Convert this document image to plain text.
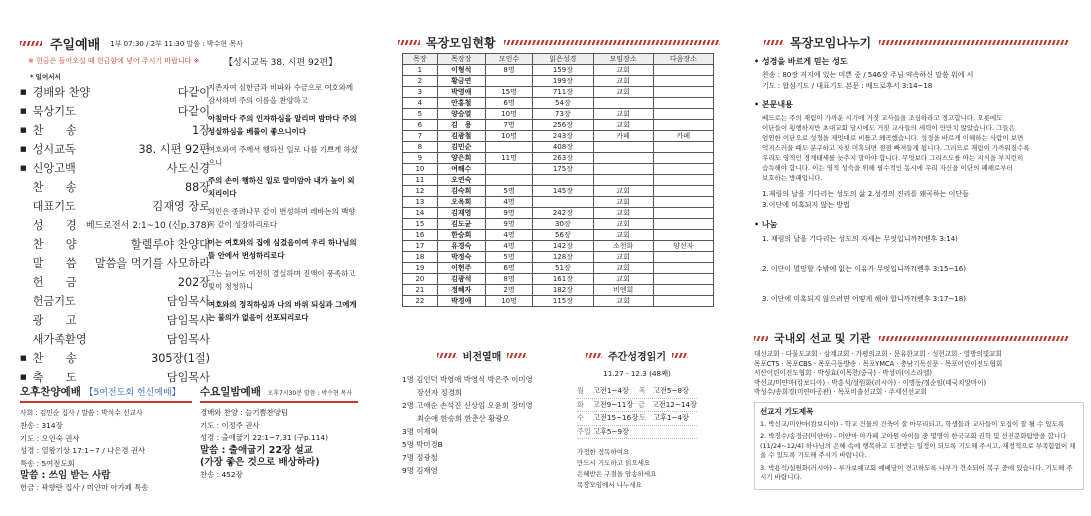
주일예배 1부 07:30 / 2부 11:30 말씀 : 박수현 목사
※ 헌금은 들어오실 때 헌금함에 넣어 주시기 바랍니다 ※	【성시교독 38. 시편 92편】
* 일어서서
■ 경배와 찬양	다같이
■ 묵상기도	다같이
■ 찬　　송	1장
■ 성시교독	38. 시편 92편
■ 신앙고백	사도신경
찬　　송	88장
대표기도	김재영 장로
성　　경 베드로전서 2:1~10 (신p.378)
찬　　양	할렐루야 찬양대
말　　씀 말씀을 먹기를 사모하라
헌　　금	202장
헌금기도	담임목사
광　　고	담임목사
새가족환영	담임목사
■ 찬　　송	305장(1절)
■ 축　　도	담임목사

지존자여 심한금과 비파와 수금으로 여호와께 감사하며 주의 이름을 찬양하고

아침마다 주의 인자하심을 알리며 밤마다 주의 성실하심을 베풀이 좋으니이다

여호와여 주께서 행하신 일로 나를 기쁘게 하셨으니

주의 손이 행하신 일로 말미암아 내가 높이 외치리이다

의인은 종려나무 같이 번성하며 레바논의 백향목 같이 성장하리로다

이는 여호와의 집에 심겼음이여 우리 하나님의 뜰 안에서 번성하리로다

그는 늙어도 여전히 결실하며 진액이 풍족하고 빛이 청청하니

여호와의 정직하심과 나의 바위 되심과 그에게는 불의가 없음이 선포되리로다

오후찬양예배 【5여전도회 헌신예배】
사회 : 김민순 집사 / 말씀 : 박석수 선교사
찬송 : 314장
기도 : 오인숙 권사
성경 : 열왕기상 17:1~7 / 나은경 권사
특송 : 5여전도회
말씀 : 쓰임 받는 사람
헌금 : 곽향란 집사 / 미얀마 아가페 특송
수요일밤예배 오후7시30분 말씀 : 박수현 목사
경배와 찬양 : 늘기쁨찬양팀
기도 : 이정주 권사
성경 : 출애굽기 22:1~7,31 (구p.114)
말씀 : 출애굽기 22장 설교
(가장 좋은 것으로 배상하라)
찬송 : 452장
목장모임현황
목장	목장장	모인수	읽은성경	모임장소	다음장소
1	이형석	8명	159장	교회	
2	황금연		199장	교회	
3	박영애	15명	711장	교회	
4	안홍철	6명	54장		
5	양승열	10명	73장	교회	
6	김　용	7명	256장	교회	
7	김광철	10명	243장	카페	카페
8	김민순		408장		
9	양은희	11명	263장		
10	여해수		175장		
11	오연숙				
12	김숙희	5명	145장	교회	
13	오옥희	4명		교회	
14	김재영	9명	242장	교회	
15	김도균	9명	30장	교회	
16	한승희	4명	56장	교회	
17	유경숙	4명	142장	소천화	양선자
18	박정숙	5명	128장	교회	
19	이현주	6명	51장	교회	
20	김광석	8명	161장	교회	
21	정혜자	2명	182장	비엔회	
22	박경애	10명	115장	교회	
비전열매
1명 김인덕 박영애 박영식 박은주 이미영
　　장선자 정경희
2명 고애순 손석진 신상임 오윤희 장미영
　　최순애 한승희 한춘산 황광오
3명 이재혁
5명 박미경B
7명 정광철
9명 김재영
주간성경읽기
11.27 - 12.3 (48째)
월	고전1~4장	목 고전5~8장
화	고전9~11장 금 고전12~14장
수	고전15~16장 토 고후1~4장
주일 고후5~9장
가정한 정독하여요
만드시 기도하고 읽으세요
은혜받은 구절을 암송하세요
목장모임에서 나누세요
목장모임나누기
• 성경을 바르게 믿는 성도
찬송 : 80장 저지에 있는 미쁜 중 / 546장 주님 약속하신 말씀 위에 서
기도 : 합심기도 / 대표기도 본문 : 베드로후서 3:14~18
• 본문내용
베드로는 주의 재림이 가까운 시기에 거짓 교사들을 조심하라고 경고합니다. 오롯에도
이단들이 횡행하지만 초대교회 당시에도 거짓 교사들의 세력이 만만치 않았습니다. 그들은
엄연한 이단으로 성경을 제멋대로 비틀고 왜곡했습니다. 성경을 바르게 이해하는 사람이 보면
억지스러울 때도 분구하고 자칫 미혹되면 점점 빠져들게 됩니다. 그러므로 재림이 가까워질수록
우리도 영적인 경계태세를 늦추지 말아야 합니다. 무엇보다 그리스도를 아는 지식을 부지런히
습득해야 합니다. 이는 영적 성숙을 위해 필수적인 동시에 우리 자신을 이단의 폐해로부터
보호하는 방패입니다.
1.재림의 날을 기다리는 성도의 삶 2.성경의 진리를 왜곡하는 이단들
3.이단에 미혹되지 않는 방법
• 나눔
1. 재림의 날을 기다리는 성도의 자세는 무엇입니까?(벧후 3:14)
2. 이단이 멸망할 수밖에 없는 이유가 무엇입니까?(벧후 3:15~16)
3. 이단에 미혹되지 않으려면 어떻게 해야 합니까?(벧후 3:17~18)
국내외 선교 및 기관
대신교회 · 다물도교회 · 삼계교회 · 가평의교회 · 문유한교회 · 성현교회 · 열방의빛교회
목포CTS · 목포CBS · 목포극동방송 · 목포YMCA · 충남기독신문 · 목포어린이전도협회
서산어린이전도협회 · 박성효(이목찬/중국) · 박성미(이스라엘)
박선교/미얀마(캄보디아) · 박흥석/설원화(러시아) · 이명동/정순임(태국치앙마이)
박성수/송희경(미얀마공관) · 목포비출선교회 · 주세선선교회
선교지 기도제목
1. 박선교/미얀마(캄보디아) - 학교 건물의 건축이 잘 마무리되고, 학생들과 교사들이 모집이 잘 될 수 있도록
2. 박정수/송정금(미얀마) - 미얀마 아가페 고아원 아이들 중 몇명이 한국교회 권학 및 선진문화탐방을 합니다 (11/24~12/4) 하나님의 은혜 속에 행복하고 도전받는 일정이 되도록 기도해 주시고, 재정적으로 부족함없이 채울 수 있도록 기도해 주시기 바랍니다.
3. 박용석/설원화(러시아) - 루가보예교회 예배당이 견고하도록 나부가 견소되어 복구 중에 있습니다. 기도해 주시기 바랍니다.
